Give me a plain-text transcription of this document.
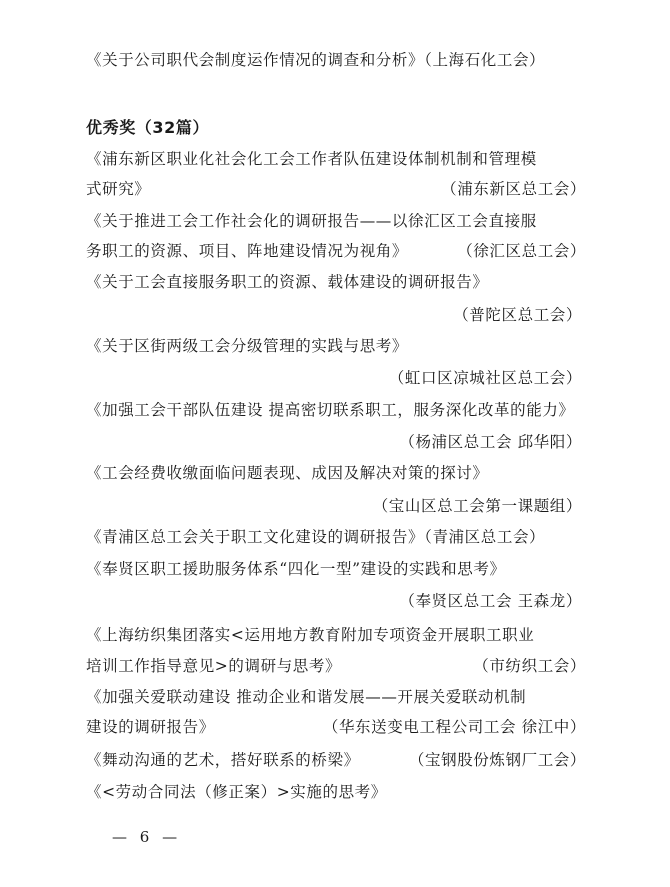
《关于公司职代会制度运作情况的调查和分析》（上海石化工会）
优秀奖（32篇）
《浦东新区职业化社会化工会工作者队伍建设体制机制和管理模
式研究》	（浦东新区总工会）
《关于推进工会工作社会化的调研报告——以徐汇区工会直接服
务职工的资源、项目、阵地建设情况为视角》	（徐汇区总工会）
《关于工会直接服务职工的资源、载体建设的调研报告》
（普陀区总工会）
《关于区街两级工会分级管理的实践与思考》
（虹口区凉城社区总工会）
《加强工会干部队伍建设 提高密切联系职工，服务深化改革的能力》
（杨浦区总工会 邱华阳）
《工会经费收缴面临问题表现、成因及解决对策的探讨》
（宝山区总工会第一课题组）
《青浦区总工会关于职工文化建设的调研报告》（青浦区总工会）
《奉贤区职工援助服务体系“四化一型”建设的实践和思考》
（奉贤区总工会 王森龙）
《上海纺织集团落实<运用地方教育附加专项资金开展职工职业
培训工作指导意见>的调研与思考》	（市纺织工会）
《加强关爱联动建设 推动企业和谐发展——开展关爱联动机制
建设的调研报告》	（华东送变电工程公司工会 徐江中）
《舞动沟通的艺术，搭好联系的桥梁》	（宝钢股份炼钢厂工会）
《<劳动合同法（修正案）>实施的思考》
— 6 —
